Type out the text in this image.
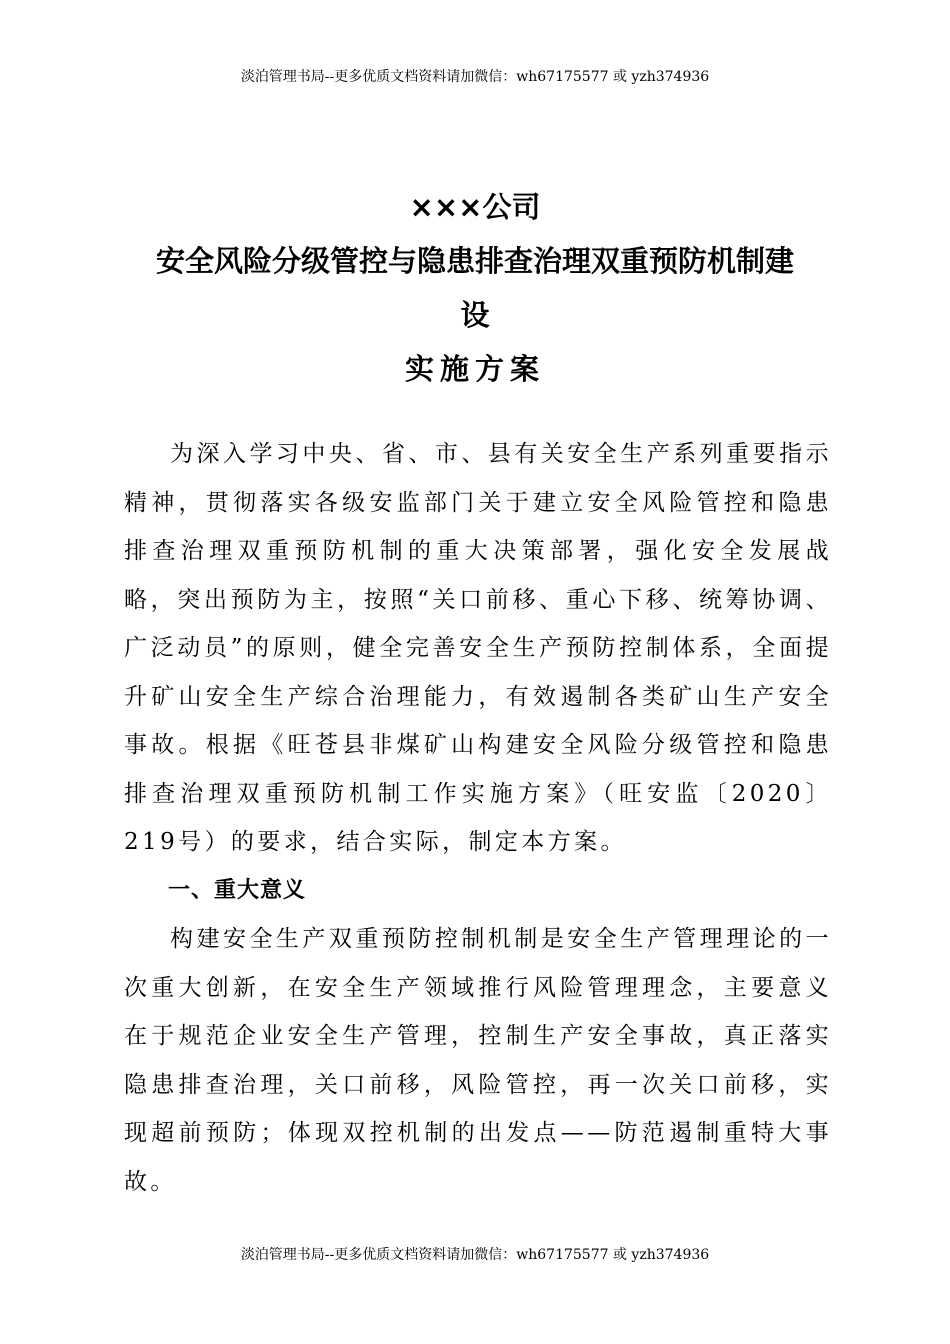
淡泊管理书局--更多优质文档资料请加微信：wh67175577 或 yzh374936
×××公司
安全风险分级管控与隐患排查治理双重预防机制建
设
实施方案

为深入学习中央、省、市、县有关安全生产系列重要指示精神，贯彻落实各级安监部门关于建立安全风险管控和隐患排查治理双重预防机制的重大决策部署，强化安全发展战略，突出预防为主，按照“关口前移、重心下移、统筹协调、广泛动员”的原则，健全完善安全生产预防控制体系，全面提升矿山安全生产综合治理能力，有效遏制各类矿山生产安全事故。根据《旺苍县非煤矿山构建安全风险分级管控和隐患排查治理双重预防机制工作实施方案》（旺安监〔2020〕219号）的要求，结合实际，制定本方案。

一、重大意义

构建安全生产双重预防控制机制是安全生产管理理论的一次重大创新，在安全生产领域推行风险管理理念，主要意义在于规范企业安全生产管理，控制生产安全事故，真正落实隐患排查治理，关口前移，风险管控，再一次关口前移，实现超前预防；体现双控机制的出发点——防范遏制重特大事故。

淡泊管理书局--更多优质文档资料请加微信：wh67175577 或 yzh374936
